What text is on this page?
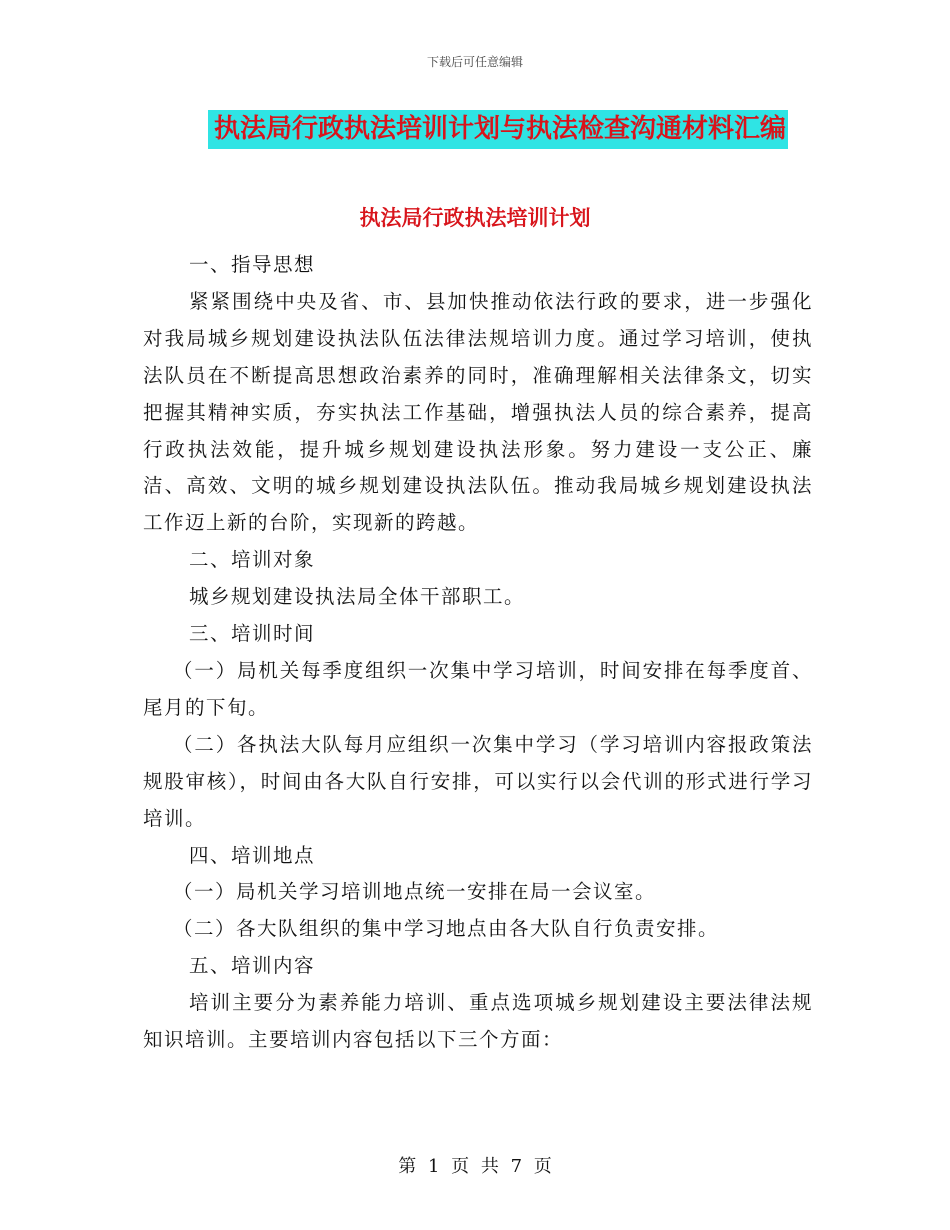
下载后可任意编辑
执法局行政执法培训计划与执法检查沟通材料汇编
执法局行政执法培训计划

一、指导思想

紧紧围绕中央及省、市、县加快推动依法行政的要求，进一步强化对我局城乡规划建设执法队伍法律法规培训力度。通过学习培训，使执法队员在不断提高思想政治素养的同时，准确理解相关法律条文，切实把握其精神实质，夯实执法工作基础，增强执法人员的综合素养，提高行政执法效能，提升城乡规划建设执法形象。努力建设一支公正、廉洁、高效、文明的城乡规划建设执法队伍。推动我局城乡规划建设执法工作迈上新的台阶，实现新的跨越。

二、培训对象

城乡规划建设执法局全体干部职工。

三、培训时间

（一）局机关每季度组织一次集中学习培训，时间安排在每季度首、尾月的下旬。

（二）各执法大队每月应组织一次集中学习（学习培训内容报政策法规股审核），时间由各大队自行安排，可以实行以会代训的形式进行学习培训。

四、培训地点

（一）局机关学习培训地点统一安排在局一会议室。

（二）各大队组织的集中学习地点由各大队自行负责安排。

五、培训内容

培训主要分为素养能力培训、重点选项城乡规划建设主要法律法规知识培训。主要培训内容包括以下三个方面：

第 1 页 共 7 页
